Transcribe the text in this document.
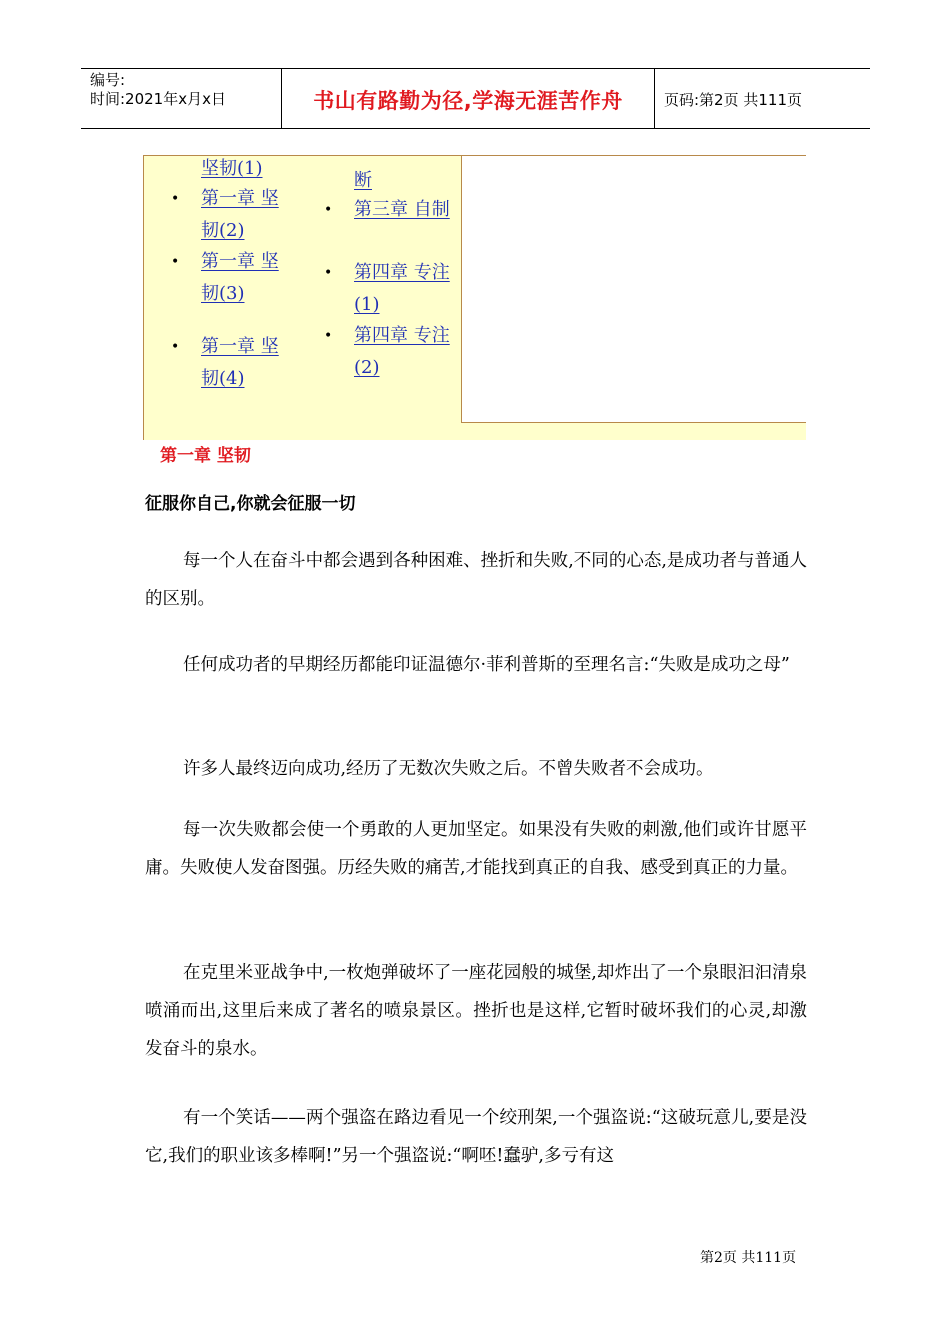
编号:
时间:2021年x月x日	书山有路勤为径,学海无涯苦作舟	页码:第2页 共111页
坚韧(1)
• 第一章 坚韧(2)
• 第一章 坚韧(3)
• 第一章 坚韧(4)
断
• 第三章 自制
• 第四章 专注(1)
• 第四章 专注(2)
第一章 坚韧
征服你自己,你就会征服一切

每一个人在奋斗中都会遇到各种困难、挫折和失败,不同的心态,是成功者与普通人的区别。

任何成功者的早期经历都能印证温德尔·菲利普斯的至理名言:“失败是成功之母”

许多人最终迈向成功,经历了无数次失败之后。不曾失败者不会成功。

每一次失败都会使一个勇敢的人更加坚定。如果没有失败的刺激,他们或许甘愿平庸。失败使人发奋图强。历经失败的痛苦,才能找到真正的自我、感受到真正的力量。

在克里米亚战争中,一枚炮弹破坏了一座花园般的城堡,却炸出了一个泉眼汩汩清泉喷涌而出,这里后来成了著名的喷泉景区。挫折也是这样,它暂时破坏我们的心灵,却激发奋斗的泉水。

有一个笑话——两个强盗在路边看见一个绞刑架,一个强盗说:“这破玩意儿,要是没它,我们的职业该多棒啊!”另一个强盗说:“啊呸!蠢驴,多亏有这

第2页 共111页
